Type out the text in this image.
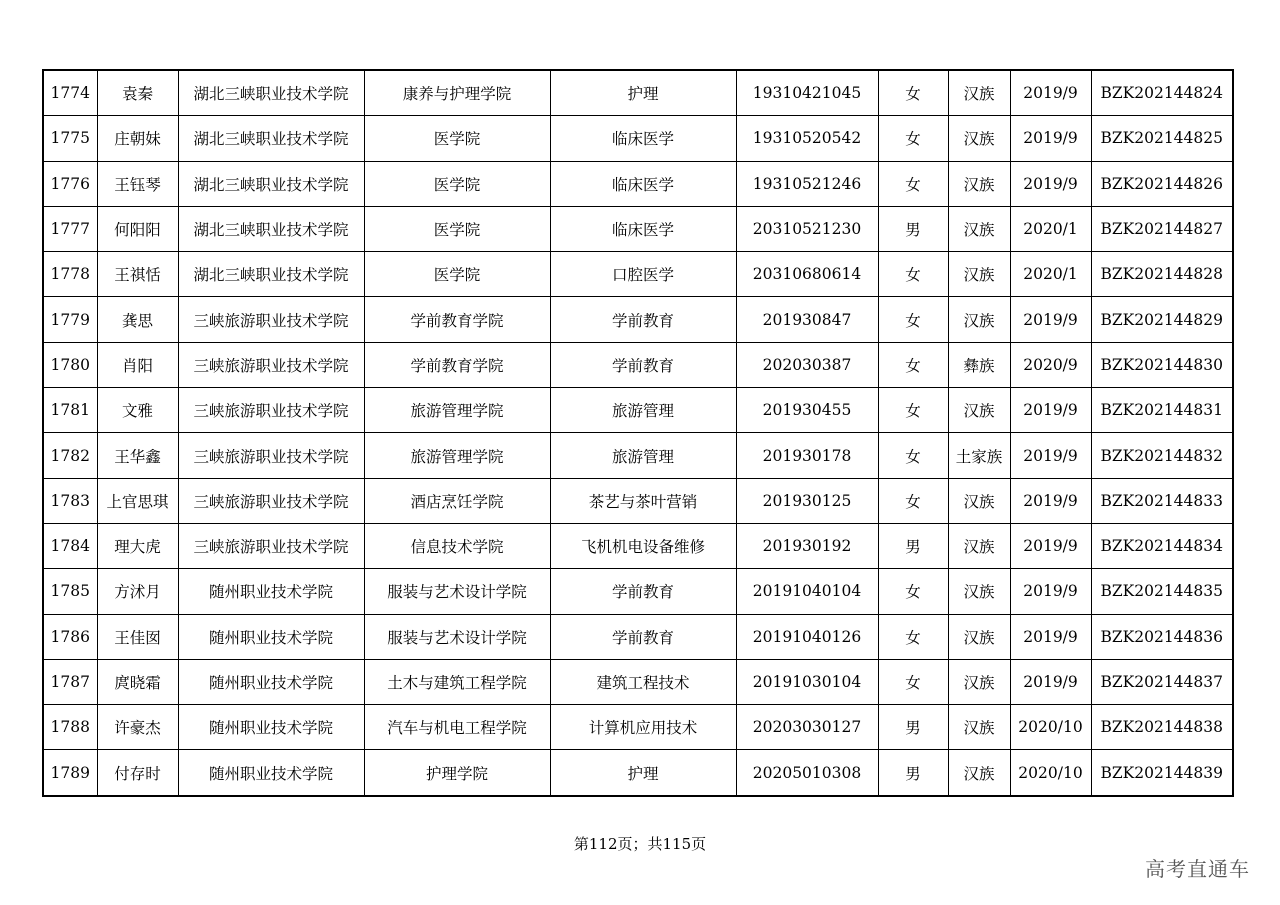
1774	袁秦	湖北三峡职业技术学院	康养与护理学院	护理	19310421045	女	汉族	2019/9	BZK202144824
1775	庄朝妹	湖北三峡职业技术学院	医学院	临床医学	19310520542	女	汉族	2019/9	BZK202144825
1776	王钰琴	湖北三峡职业技术学院	医学院	临床医学	19310521246	女	汉族	2019/9	BZK202144826
1777	何阳阳	湖北三峡职业技术学院	医学院	临床医学	20310521230	男	汉族	2020/1	BZK202144827
1778	王祺恬	湖北三峡职业技术学院	医学院	口腔医学	20310680614	女	汉族	2020/1	BZK202144828
1779	龚思	三峡旅游职业技术学院	学前教育学院	学前教育	201930847	女	汉族	2019/9	BZK202144829
1780	肖阳	三峡旅游职业技术学院	学前教育学院	学前教育	202030387	女	彝族	2020/9	BZK202144830
1781	文雅	三峡旅游职业技术学院	旅游管理学院	旅游管理	201930455	女	汉族	2019/9	BZK202144831
1782	王华鑫	三峡旅游职业技术学院	旅游管理学院	旅游管理	201930178	女	土家族	2019/9	BZK202144832
1783	上官思琪	三峡旅游职业技术学院	酒店烹饪学院	茶艺与茶叶营销	201930125	女	汉族	2019/9	BZK202144833
1784	理大虎	三峡旅游职业技术学院	信息技术学院	飞机机电设备维修	201930192	男	汉族	2019/9	BZK202144834
1785	方沭月	随州职业技术学院	服装与艺术设计学院	学前教育	20191040104	女	汉族	2019/9	BZK202144835
1786	王佳囡	随州职业技术学院	服装与艺术设计学院	学前教育	20191040126	女	汉族	2019/9	BZK202144836
1787	庹晓霜	随州职业技术学院	土木与建筑工程学院	建筑工程技术	20191030104	女	汉族	2019/9	BZK202144837
1788	许豪杰	随州职业技术学院	汽车与机电工程学院	计算机应用技术	20203030127	男	汉族	2020/10	BZK202144838
1789	付存时	随州职业技术学院	护理学院	护理	20205010308	男	汉族	2020/10	BZK202144839
第112页；共115页
高考直通车
